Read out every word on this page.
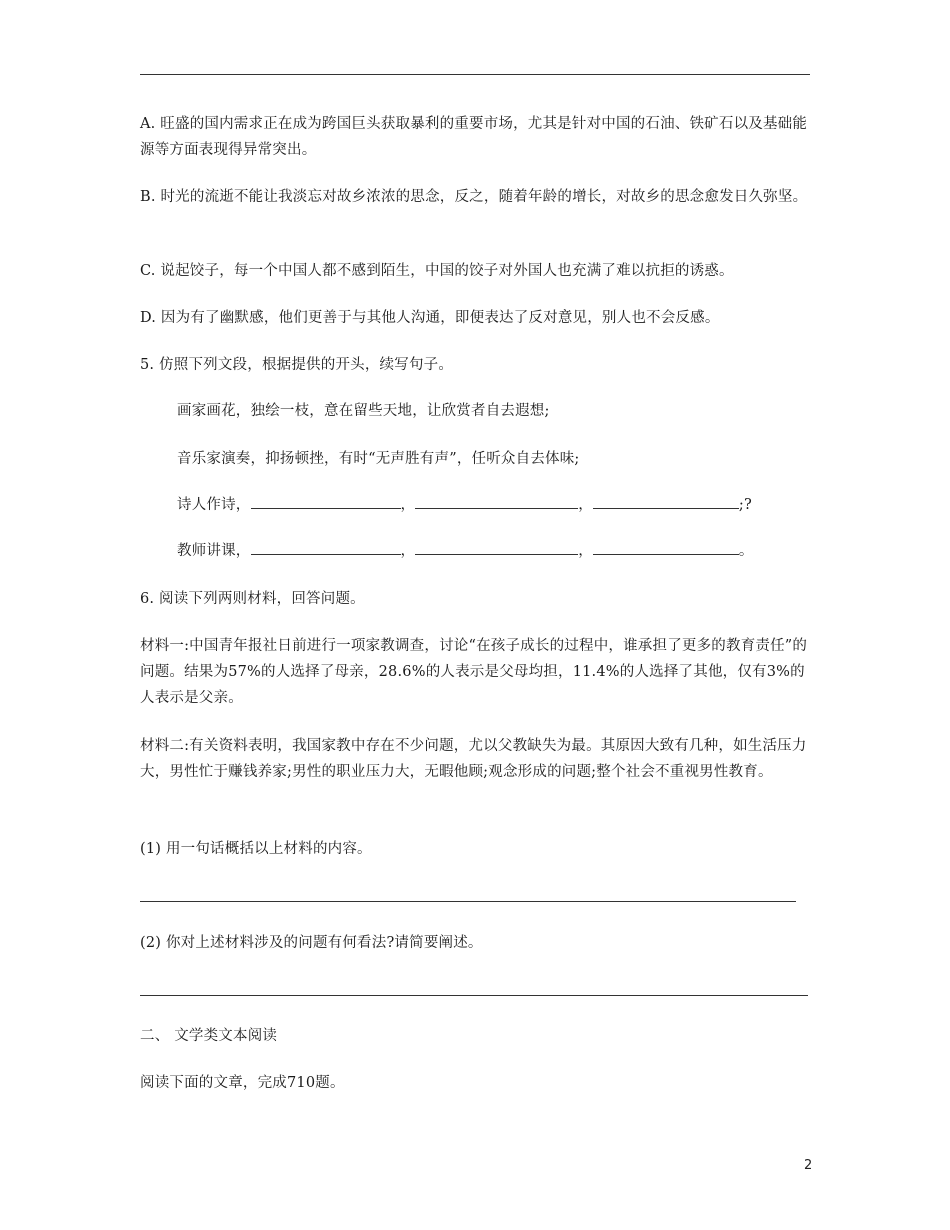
A. 旺盛的国内需求正在成为跨国巨头获取暴利的重要市场，尤其是针对中国的石油、铁矿石以及基础能源等方面表现得异常突出。
B. 时光的流逝不能让我淡忘对故乡浓浓的思念，反之，随着年龄的增长，对故乡的思念愈发日久弥坚。
C. 说起饺子，每一个中国人都不感到陌生，中国的饺子对外国人也充满了难以抗拒的诱惑。
D. 因为有了幽默感，他们更善于与其他人沟通，即便表达了反对意见，别人也不会反感。
5. 仿照下列文段，根据提供的开头，续写句子。
画家画花，独绘一枝，意在留些天地，让欣赏者自去遐想;
音乐家演奏，抑扬顿挫，有时“无声胜有声”，任听众自去体味;
诗人作诗，	，	，	;?
教师讲课，	，	，	。
6. 阅读下列两则材料，回答问题。
材料一:中国青年报社日前进行一项家教调查，讨论“在孩子成长的过程中，谁承担了更多的教育责任”的问题。结果为57%的人选择了母亲，28.6%的人表示是父母均担，11.4%的人选择了其他，仅有3%的人表示是父亲。
材料二:有关资料表明，我国家教中存在不少问题，尤以父教缺失为最。其原因大致有几种，如生活压力大，男性忙于赚钱养家;男性的职业压力大，无暇他顾;观念形成的问题;整个社会不重视男性教育。
(1) 用一句话概括以上材料的内容。
(2) 你对上述材料涉及的问题有何看法?请简要阐述。
二、 文学类文本阅读
阅读下面的文章，完成710题。
2
